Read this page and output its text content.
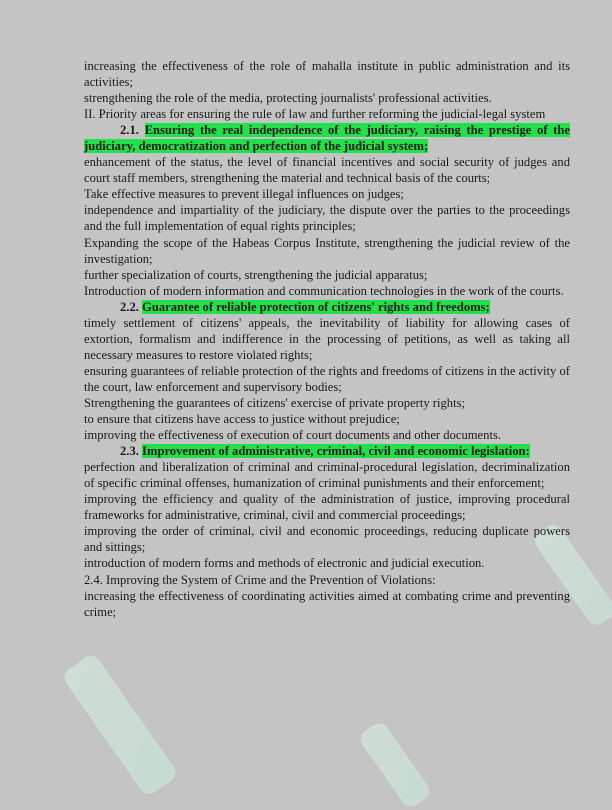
increasing the effectiveness of the role of mahalla institute in public administration and its activities;

strengthening the role of the media, protecting journalists' professional activities.

II. Priority areas for ensuring the rule of law and further reforming the judicial-legal system

2.1. Ensuring the real independence of the judiciary, raising the prestige of the judiciary, democratization and perfection of the judicial system;

enhancement of the status, the level of financial incentives and social security of judges and court staff members, strengthening the material and technical basis of the courts;

Take effective measures to prevent illegal influences on judges;

independence and impartiality of the judiciary, the dispute over the parties to the proceedings and the full implementation of equal rights principles;

Expanding the scope of the Habeas Corpus Institute, strengthening the judicial review of the investigation;

further specialization of courts, strengthening the judicial apparatus;

Introduction of modern information and communication technologies in the work of the courts.

2.2. Guarantee of reliable protection of citizens' rights and freedoms;

timely settlement of citizens' appeals, the inevitability of liability for allowing cases of extortion, formalism and indifference in the processing of petitions, as well as taking all necessary measures to restore violated rights;

ensuring guarantees of reliable protection of the rights and freedoms of citizens in the activity of the court, law enforcement and supervisory bodies;

Strengthening the guarantees of citizens' exercise of private property rights;

to ensure that citizens have access to justice without prejudice;

improving the effectiveness of execution of court documents and other documents.

2.3. Improvement of administrative, criminal, civil and economic legislation:

perfection and liberalization of criminal and criminal-procedural legislation, decriminalization of specific criminal offenses, humanization of criminal punishments and their enforcement;

improving the efficiency and quality of the administration of justice, improving procedural frameworks for administrative, criminal, civil and commercial proceedings;

improving the order of criminal, civil and economic proceedings, reducing duplicate powers and sittings;

introduction of modern forms and methods of electronic and judicial execution.

2.4. Improving the System of Crime and the Prevention of Violations:

increasing the effectiveness of coordinating activities aimed at combating crime and preventing crime;
